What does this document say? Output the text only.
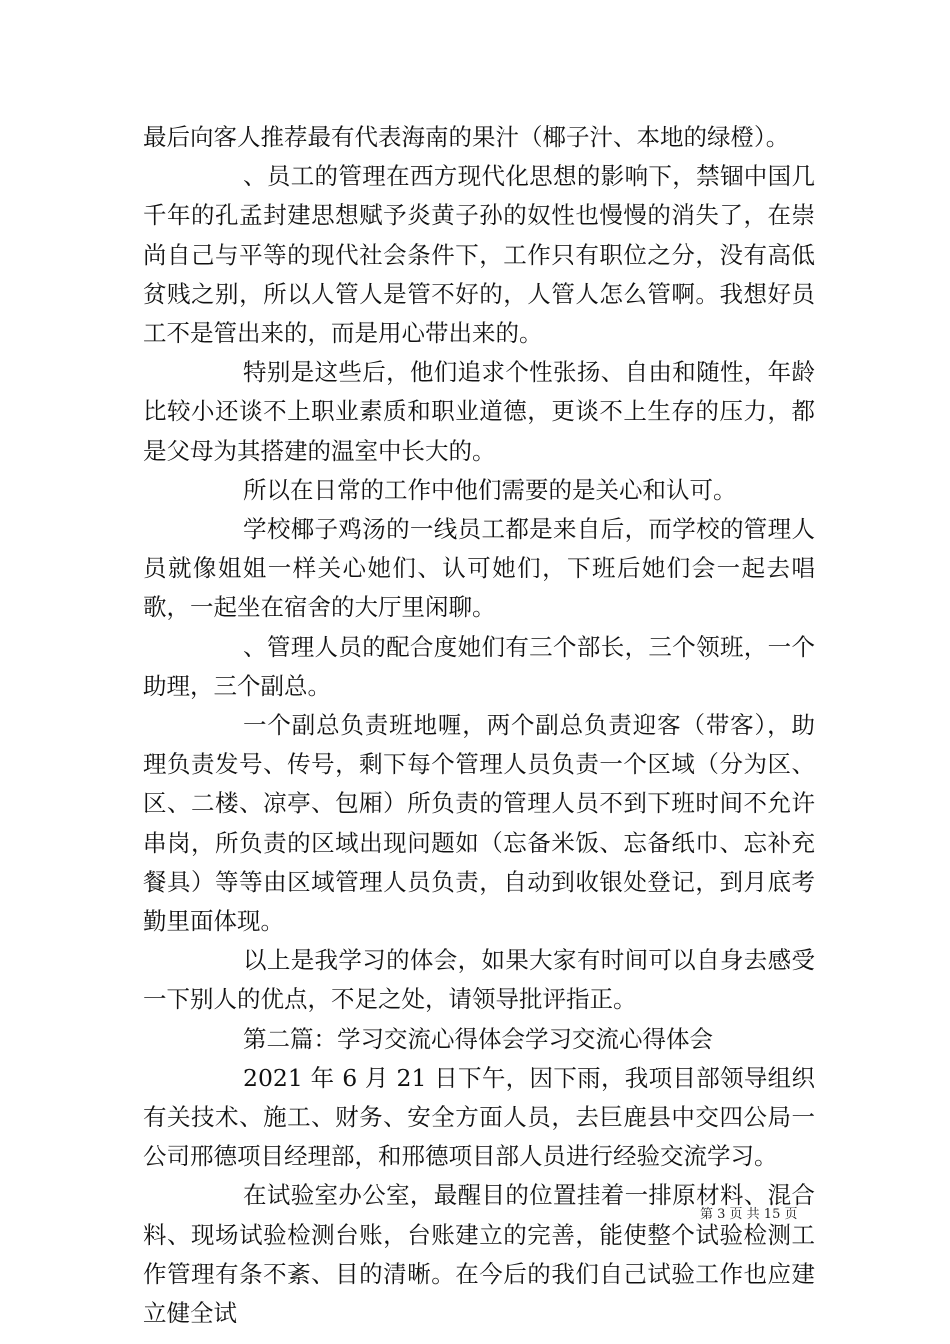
最后向客人推荐最有代表海南的果汁（椰子汁、本地的绿橙）。

、员工的管理在西方现代化思想的影响下，禁锢中国几千年的孔孟封建思想赋予炎黄子孙的奴性也慢慢的消失了，在崇尚自己与平等的现代社会条件下，工作只有职位之分，没有高低贫贱之别，所以人管人是管不好的，人管人怎么管啊。我想好员工不是管出来的，而是用心带出来的。

特别是这些后，他们追求个性张扬、自由和随性，年龄比较小还谈不上职业素质和职业道德，更谈不上生存的压力，都是父母为其搭建的温室中长大的。

所以在日常的工作中他们需要的是关心和认可。

学校椰子鸡汤的一线员工都是来自后，而学校的管理人员就像姐姐一样关心她们、认可她们，下班后她们会一起去唱歌，一起坐在宿舍的大厅里闲聊。

、管理人员的配合度她们有三个部长，三个领班，一个助理，三个副总。

一个副总负责班地喱，两个副总负责迎客（带客），助理负责发号、传号，剩下每个管理人员负责一个区域（分为区、区、二楼、凉亭、包厢）所负责的管理人员不到下班时间不允许串岗，所负责的区域出现问题如（忘备米饭、忘备纸巾、忘补充餐具）等等由区域管理人员负责，自动到收银处登记，到月底考勤里面体现。

以上是我学习的体会，如果大家有时间可以自身去感受一下别人的优点，不足之处，请领导批评指正。

第二篇：学习交流心得体会学习交流心得体会

2021 年 6 月 21 日下午，因下雨，我项目部领导组织有关技术、施工、财务、安全方面人员，去巨鹿县中交四公局一公司邢德项目经理部，和邢德项目部人员进行经验交流学习。

在试验室办公室，最醒目的位置挂着一排原材料、混合料、现场试验检测台账，台账建立的完善，能使整个试验检测工作管理有条不紊、目的清晰。在今后的我们自己试验工作也应建立健全试

第 3 页 共 15 页
